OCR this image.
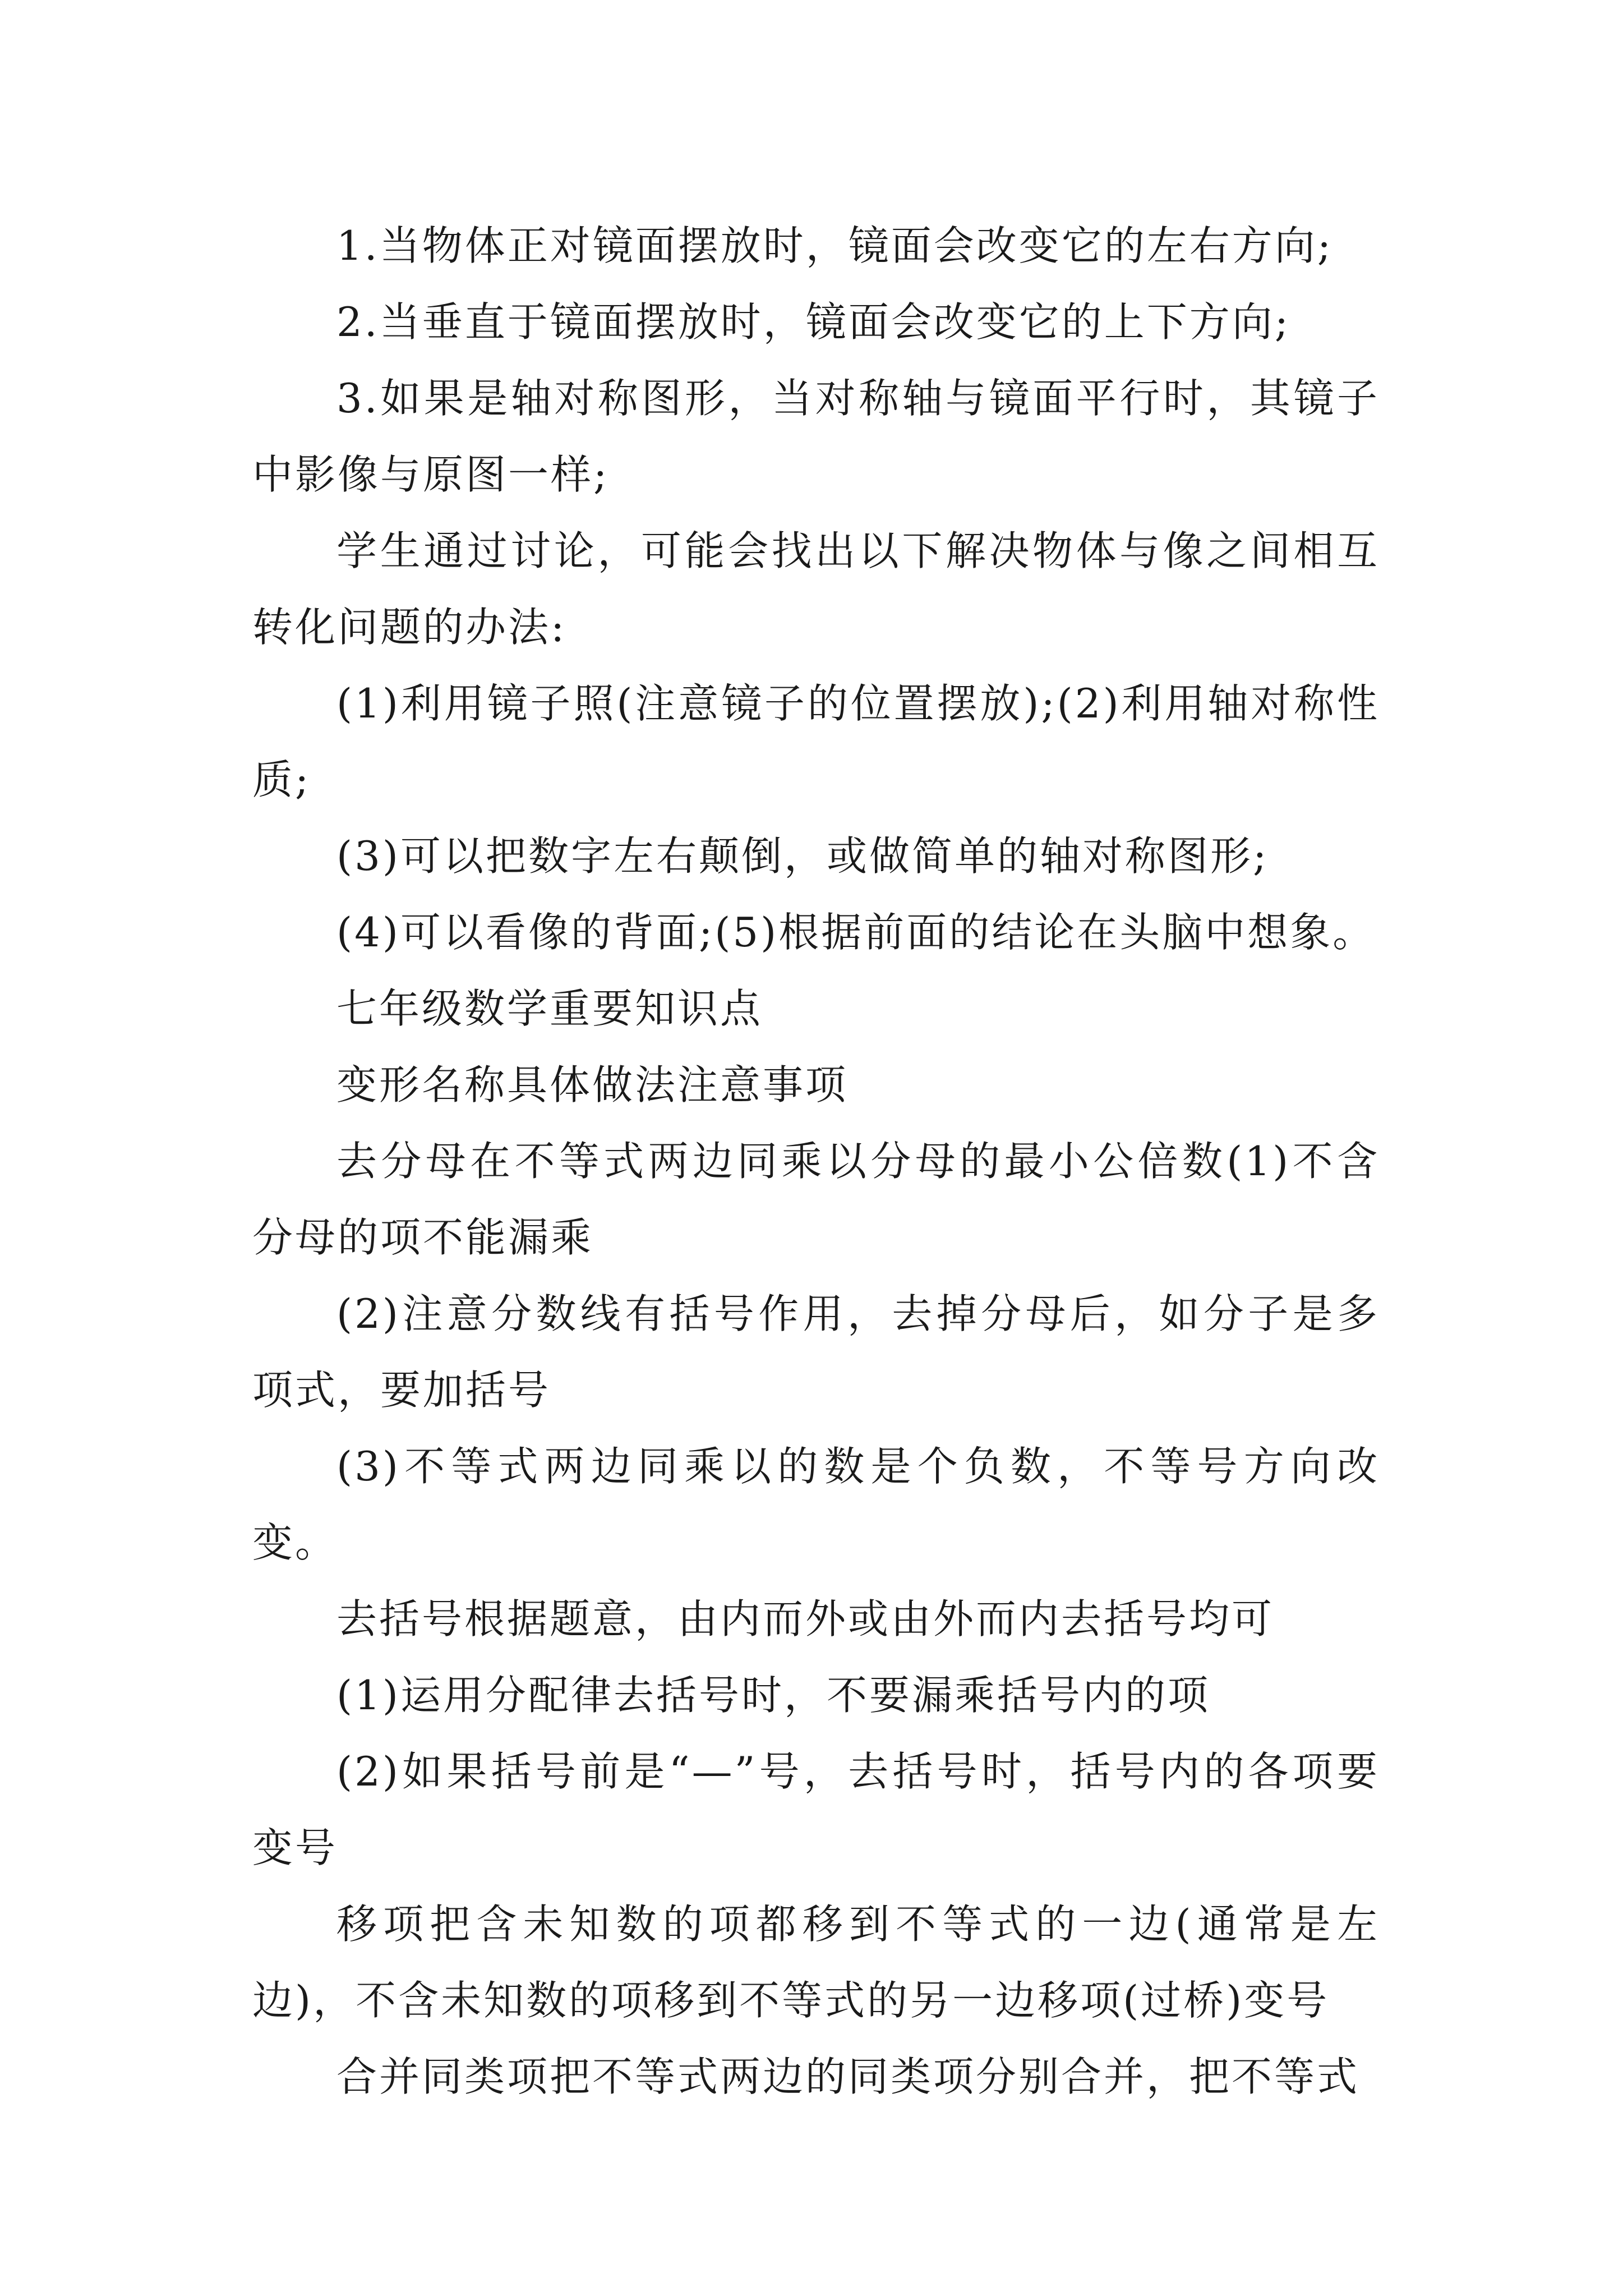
1.当物体正对镜面摆放时，镜面会改变它的左右方向;

2.当垂直于镜面摆放时，镜面会改变它的上下方向;

3.如果是轴对称图形，当对称轴与镜面平行时，其镜子中影像与原图一样;

学生通过讨论，可能会找出以下解决物体与像之间相互转化问题的办法:

(1)利用镜子照(注意镜子的位置摆放);(2)利用轴对称性质;

(3)可以把数字左右颠倒，或做简单的轴对称图形;

(4)可以看像的背面;(5)根据前面的结论在头脑中想象。

七年级数学重要知识点

变形名称具体做法注意事项

去分母在不等式两边同乘以分母的最小公倍数(1)不含分母的项不能漏乘

(2)注意分数线有括号作用，去掉分母后，如分子是多项式，要加括号

(3)不等式两边同乘以的数是个负数，不等号方向改变。

去括号根据题意，由内而外或由外而内去括号均可

(1)运用分配律去括号时，不要漏乘括号内的项

(2)如果括号前是“—”号，去括号时，括号内的各项要变号

移项把含未知数的项都移到不等式的一边(通常是左边)，不含未知数的项移到不等式的另一边移项(过桥)变号

合并同类项把不等式两边的同类项分别合并，把不等式
